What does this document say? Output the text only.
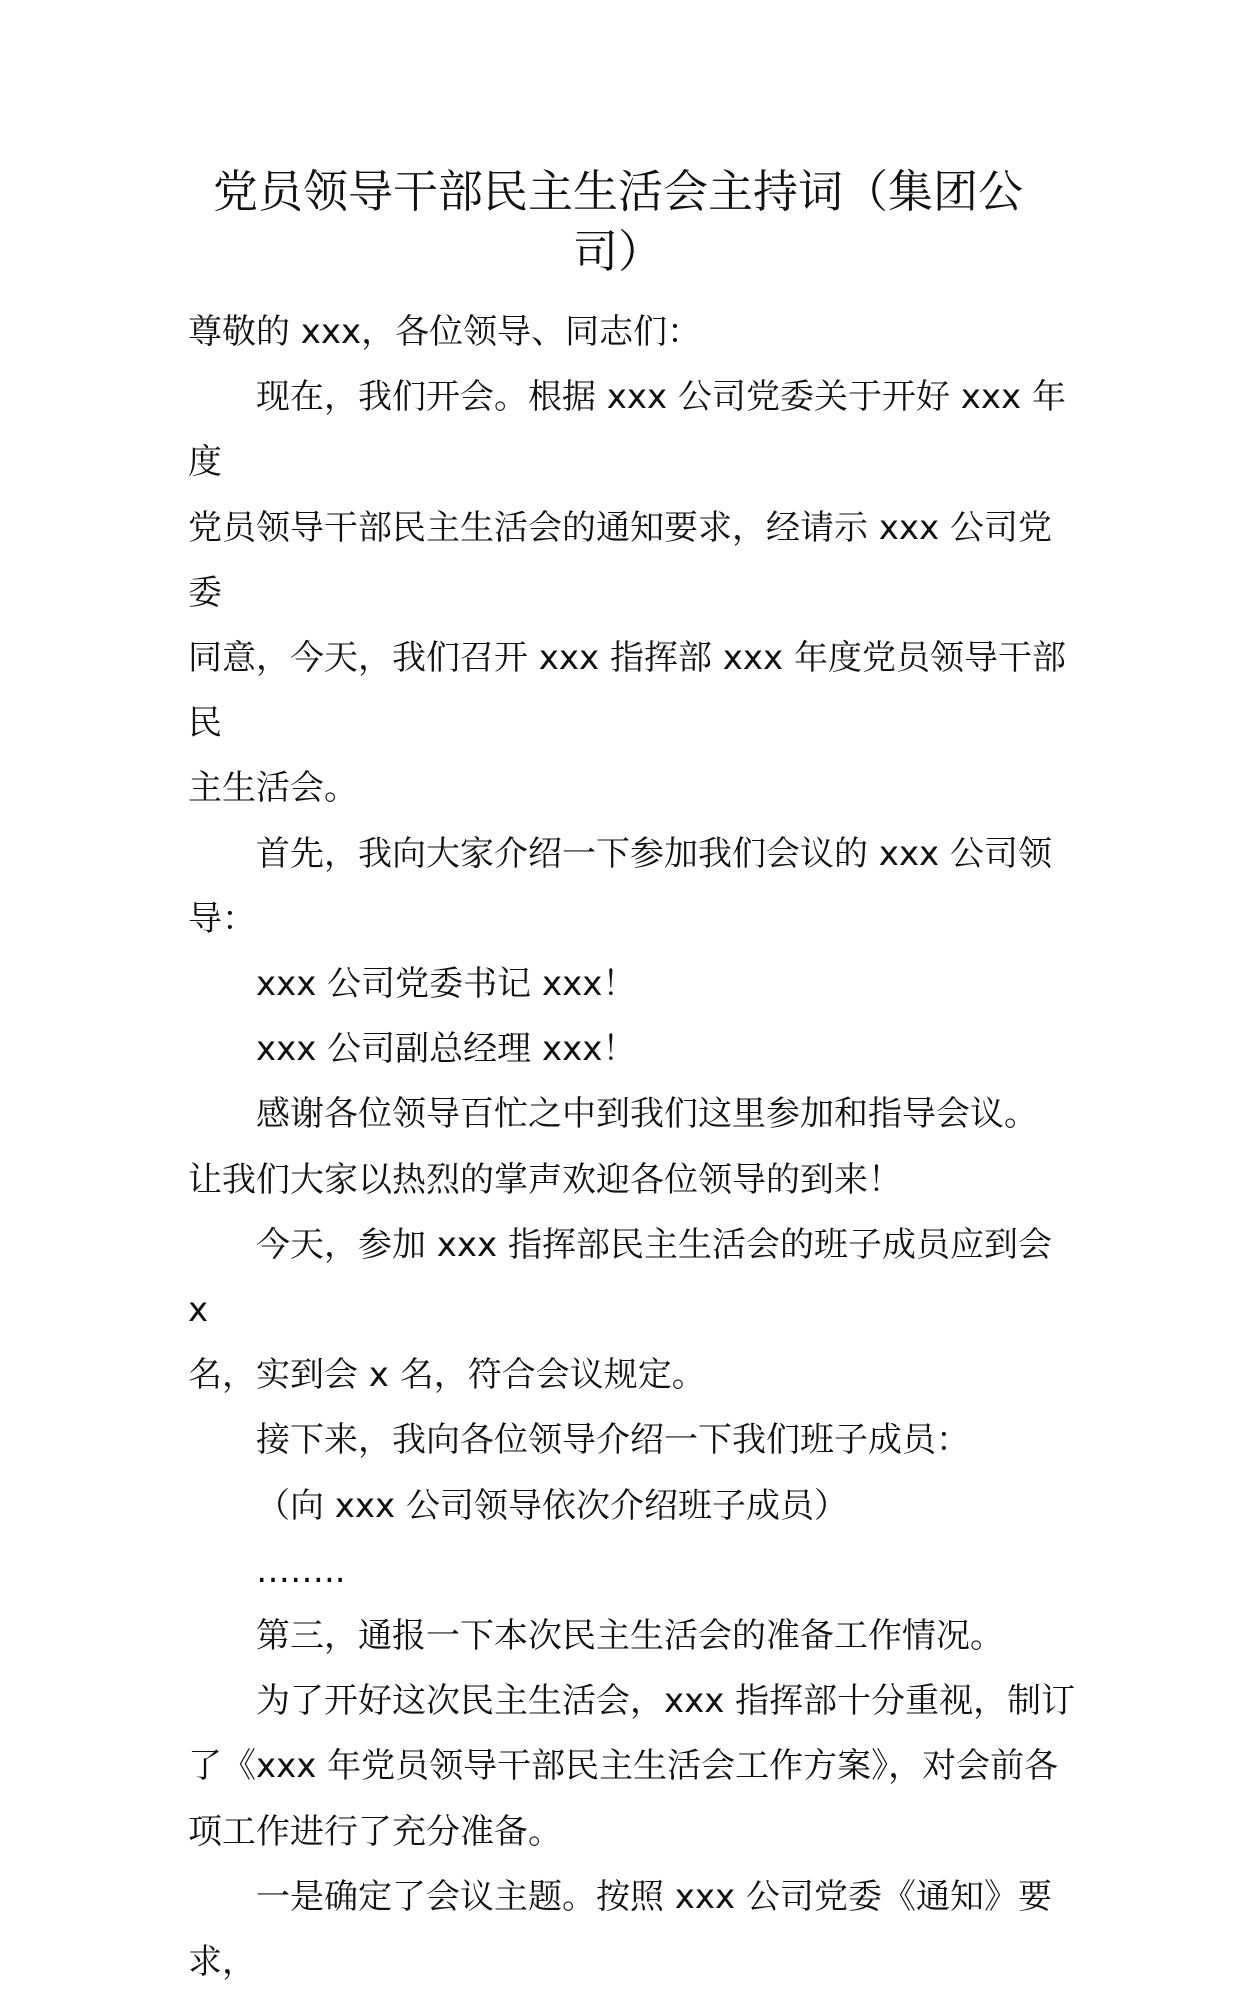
党员领导干部民主生活会主持词（集团公
司）
尊敬的 xxx，各位领导、同志们：
现在，我们开会。根据 xxx 公司党委关于开好 xxx 年度
党员领导干部民主生活会的通知要求，经请示 xxx 公司党委
同意，今天，我们召开 xxx 指挥部 xxx 年度党员领导干部民
主生活会。
首先，我向大家介绍一下参加我们会议的 xxx 公司领导：
xxx 公司党委书记 xxx！
xxx 公司副总经理 xxx！
感谢各位领导百忙之中到我们这里参加和指导会议。
让我们大家以热烈的掌声欢迎各位领导的到来！
今天，参加 xxx 指挥部民主生活会的班子成员应到会 x
名，实到会 x 名，符合会议规定。
接下来，我向各位领导介绍一下我们班子成员：
（向 xxx 公司领导依次介绍班子成员）
……..
第三，通报一下本次民主生活会的准备工作情况。
为了开好这次民主生活会，xxx 指挥部十分重视，制订
了《xxx 年党员领导干部民主生活会工作方案》，对会前各
项工作进行了充分准备。
一是确定了会议主题。按照 xxx 公司党委《通知》要求，
